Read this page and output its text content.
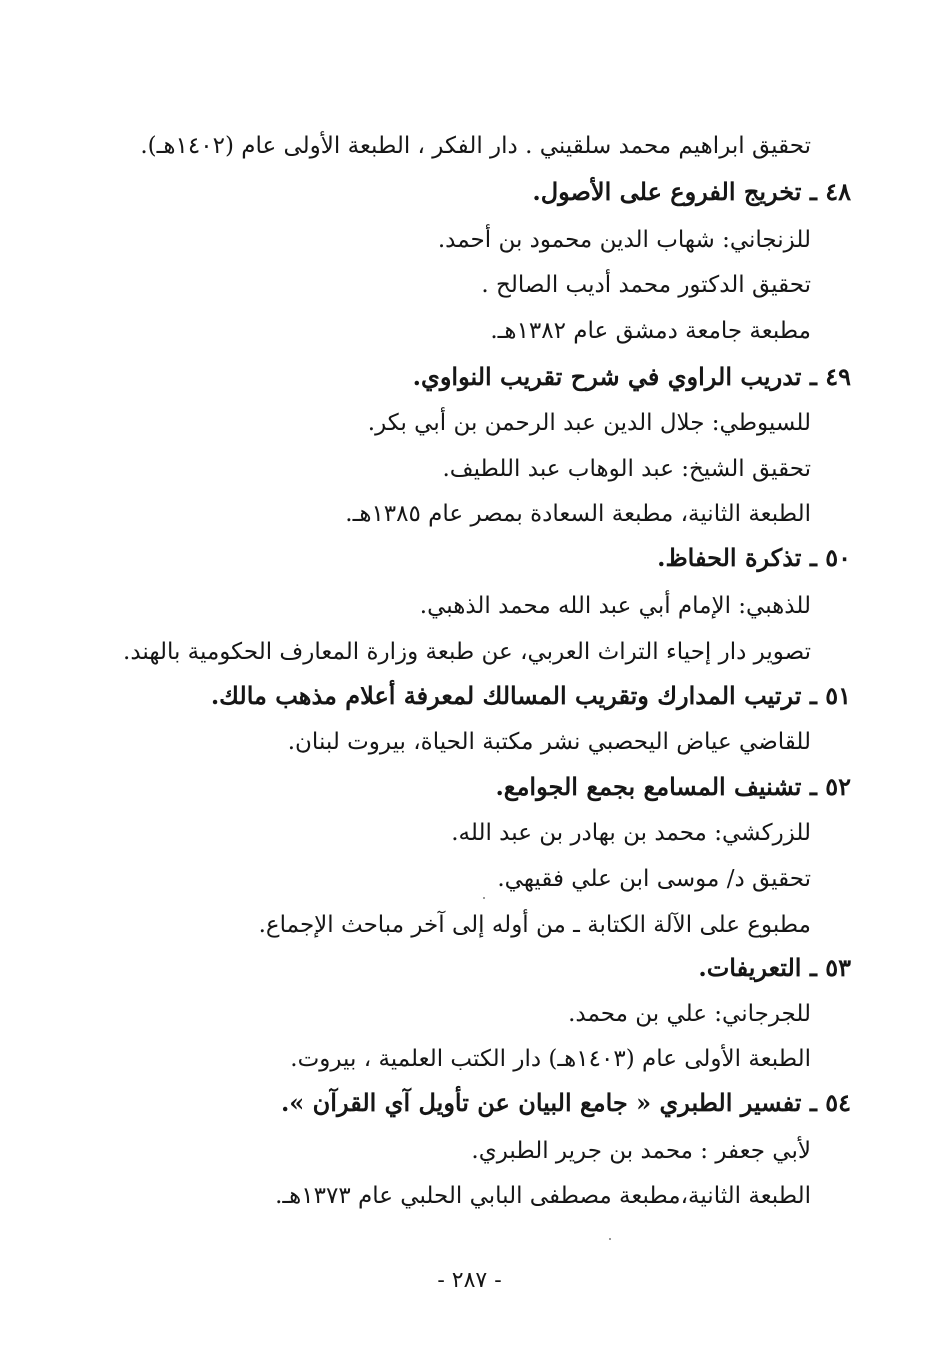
تحقيق ابراهيم محمد سلقيني . دار الفكر ، الطبعة الأولى عام (١٤٠٢هـ).
٤٨ ـ تخريج الفروع على الأصول.
للزنجاني: شهاب الدين محمود بن أحمد.
تحقيق الدكتور محمد أديب الصالح .
مطبعة جامعة دمشق عام ١٣٨٢هـ.
٤٩ ـ تدريب الراوي في شرح تقريب النواوي.
للسيوطي: جلال الدين عبد الرحمن بن أبي بكر.
تحقيق الشيخ: عبد الوهاب عبد اللطيف.
الطبعة الثانية، مطبعة السعادة بمصر عام ١٣٨٥هـ.
٥٠ ـ تذكرة الحفاظ.
للذهبي: الإمام أبي عبد الله محمد الذهبي.
تصوير دار إحياء التراث العربي، عن طبعة وزارة المعارف الحكومية بالهند.
٥١ ـ ترتيب المدارك وتقريب المسالك لمعرفة أعلام مذهب مالك.
للقاضي عياض اليحصبي نشر مكتبة الحياة، بيروت لبنان.
٥٢ ـ تشنيف المسامع بجمع الجوامع.
للزركشي: محمد بن بهادر بن عبد الله.
تحقيق د/ موسى ابن علي فقيهي.
مطبوع على الآلة الكتابة ـ من أوله إلى آخر مباحث الإجماع.
٥٣ ـ التعريفات.
للجرجاني: علي بن محمد.
الطبعة الأولى عام (١٤٠٣هـ) دار الكتب العلمية ، بيروت.
٥٤ ـ تفسير الطبري « جامع البيان عن تأويل آي القرآن ».
لأبي جعفر : محمد بن جرير الطبري.
الطبعة الثانية،مطبعة مصطفى البابي الحلبي عام ١٣٧٣هـ.
- ٢٨٧ -
